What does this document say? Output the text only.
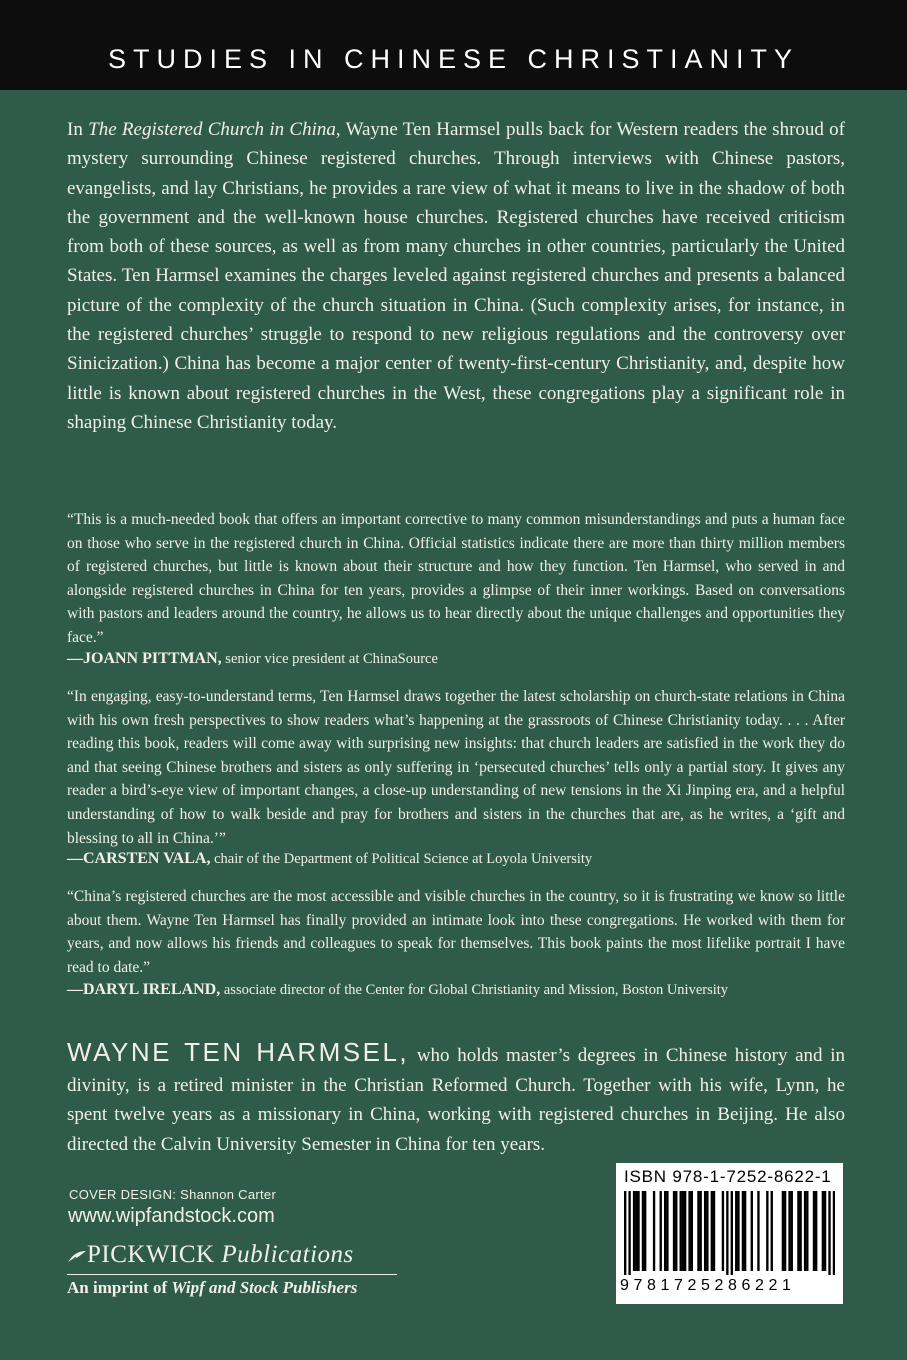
STUDIES IN CHINESE CHRISTIANITY

In The Registered Church in China, Wayne Ten Harmsel pulls back for Western readers the shroud of mystery surrounding Chinese registered churches. Through interviews with Chinese pastors, evangelists, and lay Christians, he provides a rare view of what it means to live in the shadow of both the government and the well-known house churches. Registered churches have received criticism from both of these sources, as well as from many churches in other countries, particularly the United States. Ten Harmsel examines the charges leveled against registered churches and presents a balanced picture of the complexity of the church situation in China. (Such complexity arises, for instance, in the registered churches’ struggle to respond to new religious regulations and the controversy over Sinicization.) China has become a major center of twenty-first-century Christianity, and, despite how little is known about registered churches in the West, these congregations play a significant role in shaping Chinese Christianity today.

“This is a much-needed book that offers an important corrective to many common misunderstandings and puts a human face on those who serve in the registered church in China. Official statistics indicate there are more than thirty million members of registered churches, but little is known about their structure and how they function. Ten Harmsel, who served in and alongside registered churches in China for ten years, provides a glimpse of their inner workings. Based on conversations with pastors and leaders around the country, he allows us to hear directly about the unique challenges and opportunities they face.”

—JOANN PITTMAN, senior vice president at ChinaSource

“In engaging, easy-to-understand terms, Ten Harmsel draws together the latest scholarship on church-state relations in China with his own fresh perspectives to show readers what’s happening at the grassroots of Chinese Christianity today. . . . After reading this book, readers will come away with surprising new insights: that church leaders are satisfied in the work they do and that seeing Chinese brothers and sisters as only suffering in ‘persecuted churches’ tells only a partial story. It gives any reader a bird’s-eye view of important changes, a close-up understanding of new tensions in the Xi Jinping era, and a helpful understanding of how to walk beside and pray for brothers and sisters in the churches that are, as he writes, a ‘gift and blessing to all in China.’”

—CARSTEN VALA, chair of the Department of Political Science at Loyola University

“China’s registered churches are the most accessible and visible churches in the country, so it is frustrating we know so little about them. Wayne Ten Harmsel has finally provided an intimate look into these congregations. He worked with them for years, and now allows his friends and colleagues to speak for themselves. This book paints the most lifelike portrait I have read to date.”

—DARYL IRELAND, associate director of the Center for Global Christianity and Mission, Boston University

WAYNE TEN HARMSEL, who holds master’s degrees in Chinese history and in divinity, is a retired minister in the Christian Reformed Church. Together with his wife, Lynn, he spent twelve years as a missionary in China, working with registered churches in Beijing. He also directed the Calvin University Semester in China for ten years.

COVER DESIGN: Shannon Carter
www.wipfandstock.com
PICKWICK Publications
An imprint of Wipf and Stock Publishers
ISBN 978-1-7252-8622-1
9781725286221
